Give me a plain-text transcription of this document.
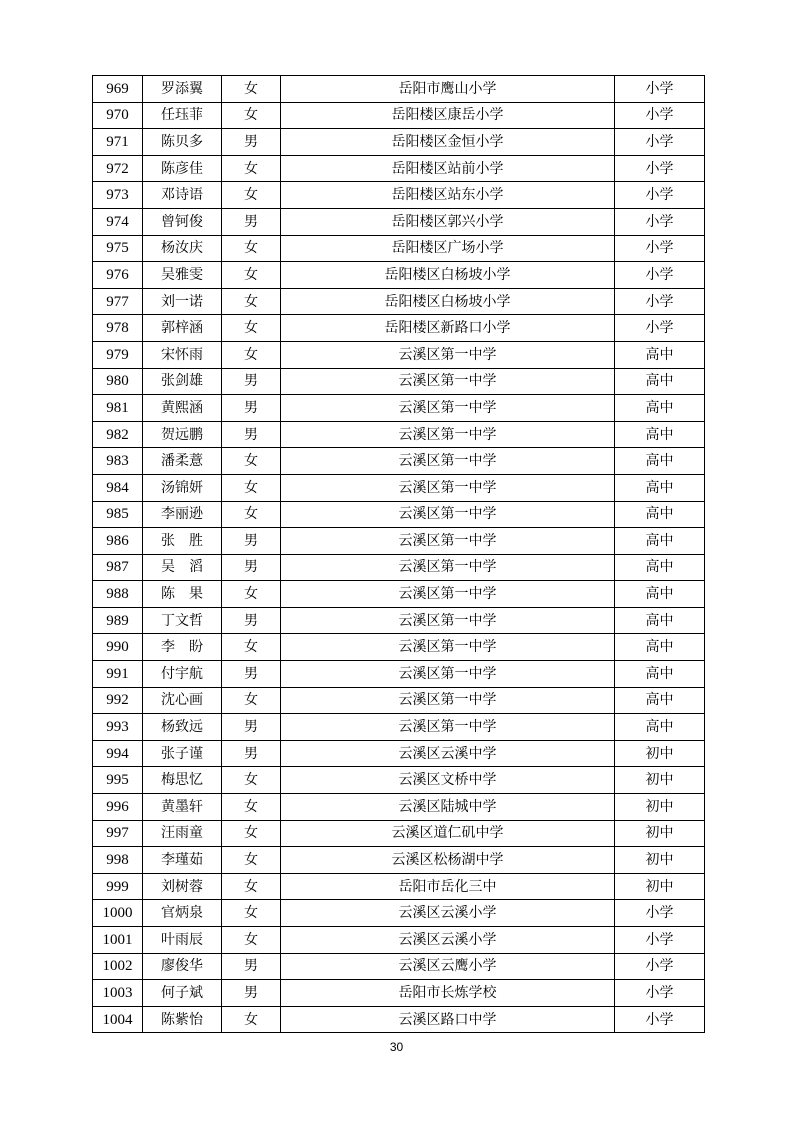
969	罗添翼	女	岳阳市鹰山小学	小学
970	任珏菲	女	岳阳楼区康岳小学	小学
971	陈贝多	男	岳阳楼区金恒小学	小学
972	陈彦佳	女	岳阳楼区站前小学	小学
973	邓诗语	女	岳阳楼区站东小学	小学
974	曾钶俊	男	岳阳楼区郭兴小学	小学
975	杨汝庆	女	岳阳楼区广场小学	小学
976	吴雅雯	女	岳阳楼区白杨坡小学	小学
977	刘一诺	女	岳阳楼区白杨坡小学	小学
978	郭梓涵	女	岳阳楼区新路口小学	小学
979	宋怀雨	女	云溪区第一中学	高中
980	张剑雄	男	云溪区第一中学	高中
981	黄熙涵	男	云溪区第一中学	高中
982	贺远鹏	男	云溪区第一中学	高中
983	潘柔薏	女	云溪区第一中学	高中
984	汤锦妍	女	云溪区第一中学	高中
985	李丽逊	女	云溪区第一中学	高中
986	张　胜	男	云溪区第一中学	高中
987	吴　滔	男	云溪区第一中学	高中
988	陈　果	女	云溪区第一中学	高中
989	丁文哲	男	云溪区第一中学	高中
990	李　盼	女	云溪区第一中学	高中
991	付宇航	男	云溪区第一中学	高中
992	沈心画	女	云溪区第一中学	高中
993	杨致远	男	云溪区第一中学	高中
994	张子谨	男	云溪区云溪中学	初中
995	梅思忆	女	云溪区文桥中学	初中
996	黄墨轩	女	云溪区陆城中学	初中
997	汪雨童	女	云溪区道仁矶中学	初中
998	李瑾茹	女	云溪区松杨湖中学	初中
999	刘树蓉	女	岳阳市岳化三中	初中
1000	官炳泉	女	云溪区云溪小学	小学
1001	叶雨辰	女	云溪区云溪小学	小学
1002	廖俊华	男	云溪区云鹰小学	小学
1003	何子斌	男	岳阳市长炼学校	小学
1004	陈紫怡	女	云溪区路口中学	小学
30
